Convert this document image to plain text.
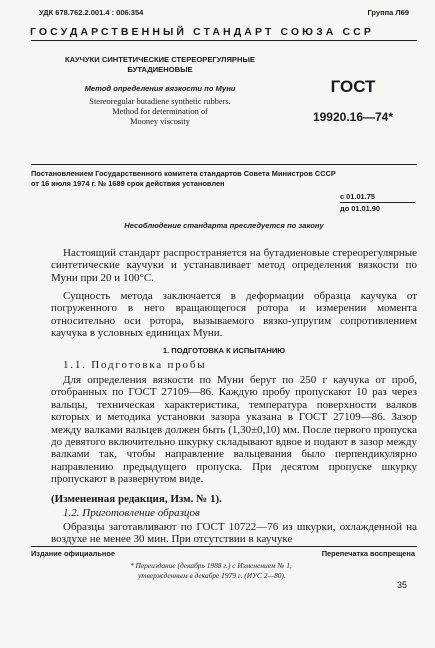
УДК 678.762.2.001.4 : 006.354	Группа Л69
ГОСУДАРСТВЕННЫЙ СТАНДАРТ СОЮЗА ССР
КАУЧУКИ СИНТЕТИЧЕСКИЕ СТЕРЕОРЕГУЛЯРНЫЕ
БУТАДИЕНОВЫЕ
Метод определения вязкости по Муни
Stereoregular butadiene synthetic rubbers.
Method for determination of
Mooney viscosity
ГОСТ
19920.16—74*
Постановлением Государственного комитета стандартов Совета Министров СССР
от 16 июля 1974 г. № 1689 срок действия установлен
с 01.01.75
до 01.01.90
Несоблюдение стандарта преследуется по закону
Настоящий стандарт распространяется на бутадиеновые стереорегулярные синтетические каучуки и устанавливает метод определения вязкости по Муни при 20 и 100°С.
Сущность метода заключается в деформации образца каучука от погруженного в него вращающегося ротора и измерении момента относительно оси ротора, вызываемого вязко-упругим сопротивлением каучука в условных единицах Муни.
1. ПОДГОТОВКА К ИСПЫТАНИЮ
1.1. Подготовка пробы
Для определения вязкости по Муни берут по 250 г каучука от проб, отобранных по ГОСТ 27109—86. Каждую пробу пропускают 10 раз через вальцы, техническая характеристика, температура поверхности валков которых и методика установки зазора указана в ГОСТ 27109—86. Зазор между валками вальцев должен быть (1,30±0,10) мм. После первого пропуска до девятого включительно шкурку складывают вдвое и подают в зазор между валками так, чтобы направление вальцевания было перпендикулярно направлению предыдущего пропуска. При десятом пропуске шкурку пропускают в развернутом виде.
(Измененная редакция, Изм. № 1).
1.2. Приготовление образцов
Образцы заготавливают по ГОСТ 10722—76 из шкурки, охлажденной на воздухе не менее 30 мин. При отсутствии в каучуке
Издание официальное	Перепечатка воспрещена
* Переиздание (декабрь 1988 г.) с Изменением № 1,
утвержденным в декабре 1979 г. (ИУС 2—80).
35
